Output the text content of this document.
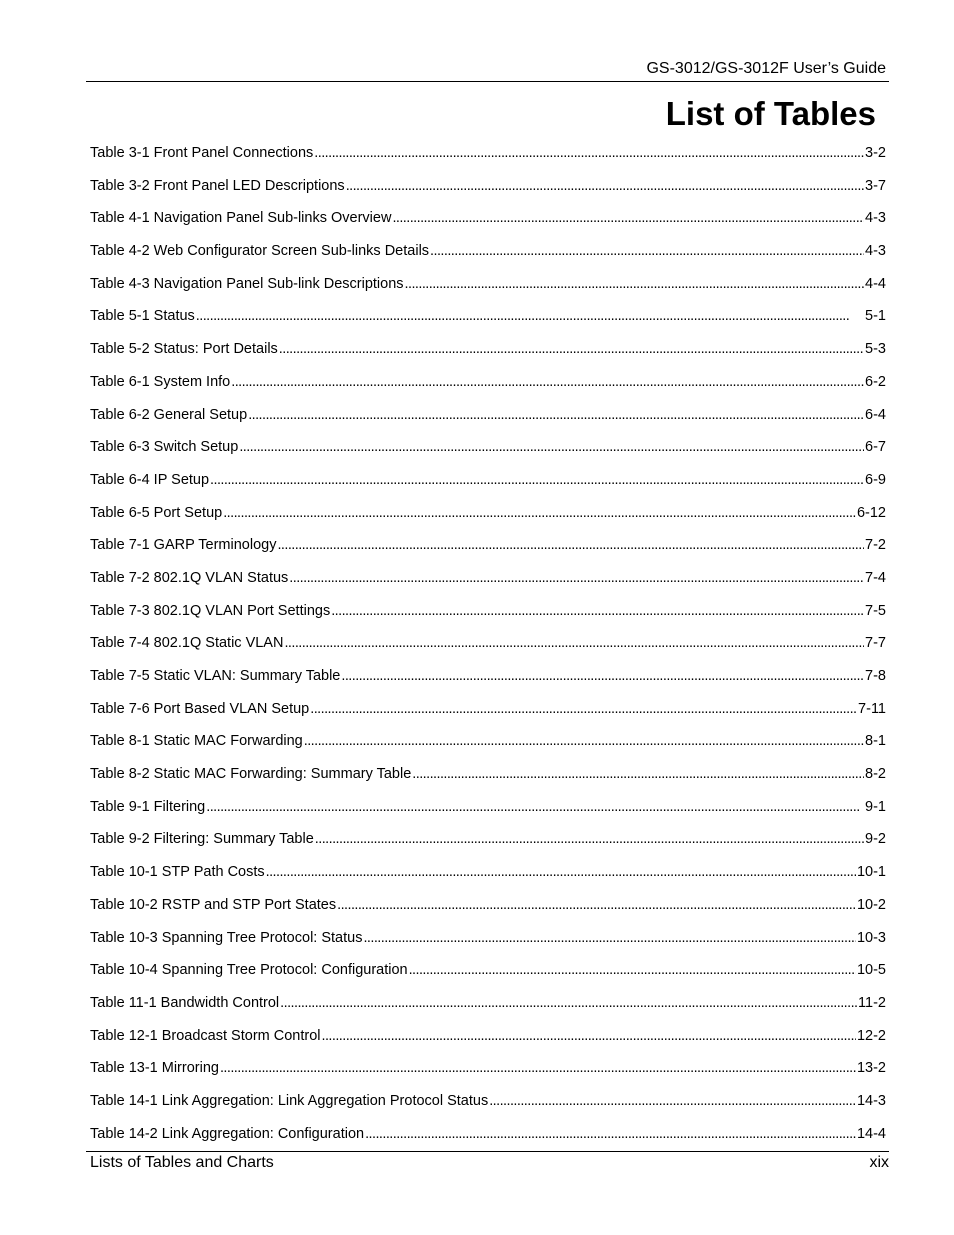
GS-3012/GS-3012F User’s Guide
List of Tables
Table 3-1 Front Panel Connections . . .	3-2
Table 3-2 Front Panel LED Descriptions . . .	3-7
Table 4-1 Navigation Panel Sub-links Overview . . .	4-3
Table 4-2 Web Configurator Screen Sub-links Details . . .	4-3
Table 4-3 Navigation Panel Sub-link Descriptions . . .	4-4
Table 5-1 Status . . .	5-1
Table 5-2 Status: Port Details . . .	5-3
Table 6-1 System Info . . .	6-2
Table 6-2 General Setup . . .	6-4
Table 6-3 Switch Setup . . .	6-7
Table 6-4 IP Setup . . .	6-9
Table 6-5 Port Setup . . .	6-12
Table 7-1 GARP Terminology . . .	7-2
Table 7-2 802.1Q VLAN Status . . .	7-4
Table 7-3 802.1Q VLAN Port Settings . . .	7-5
Table 7-4 802.1Q Static VLAN . . .	7-7
Table 7-5 Static VLAN: Summary Table . . .	7-8
Table 7-6 Port Based VLAN Setup . . .	7-11
Table 8-1 Static MAC Forwarding . . .	8-1
Table 8-2 Static MAC Forwarding: Summary Table . . .	8-2
Table 9-1 Filtering . . .	9-1
Table 9-2 Filtering: Summary Table . . .	9-2
Table 10-1 STP Path Costs . . .	10-1
Table 10-2 RSTP and STP Port States . . .	10-2
Table 10-3 Spanning Tree Protocol: Status . . .	10-3
Table 10-4 Spanning Tree Protocol: Configuration . . .	10-5
Table 11-1 Bandwidth Control . . .	11-2
Table 12-1 Broadcast Storm Control . . .	12-2
Table 13-1 Mirroring . . .	13-2
Table 14-1 Link Aggregation: Link Aggregation Protocol Status . . .	14-3
Table 14-2 Link Aggregation: Configuration . . .	14-4
Lists of Tables and Charts	xix
